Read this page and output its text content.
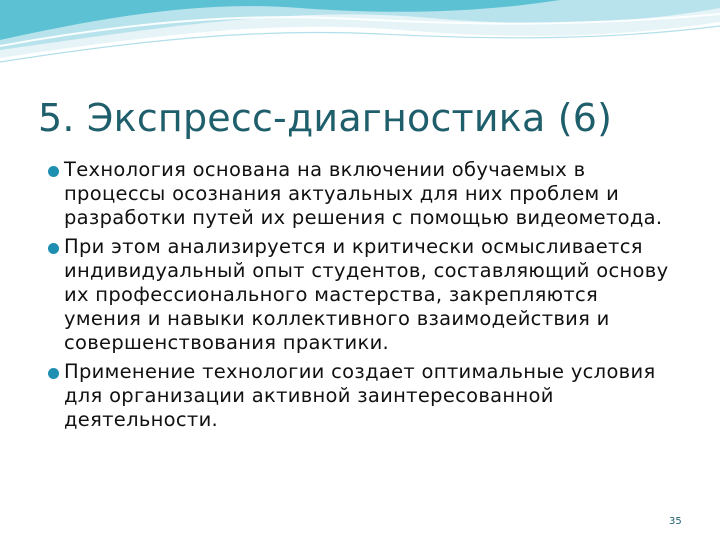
5. Экспресс-диагностика (6)
Технология основана на включении обучаемых в процессы осознания актуальных для них проблем и разработки путей их решения с помощью видеометода.
При этом анализируется и критически осмысливается индивидуальный опыт студентов, составляющий основу их профессионального мастерства, закрепляются умения и навыки коллективного взаимодействия и совершенствования практики.
Применение технологии создает оптимальные условия для организации активной заинтересованной деятельности.
35
